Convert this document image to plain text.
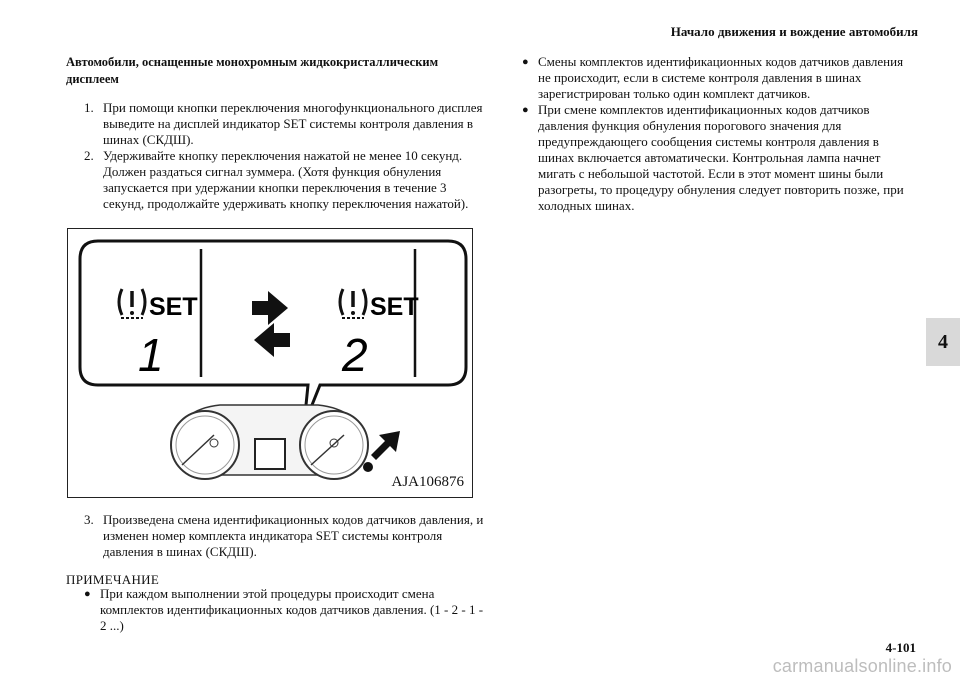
Начало движения и вождение автомобиля
Автомобили, оснащенные монохромным жидкокристаллическим дисплеем
1. При помощи кнопки переключения многофункционального дисплея выведите на дисплей индикатор SET системы контроля давления в шинах (СКДШ).
2. Удерживайте кнопку переключения нажатой не менее 10 секунд. Должен раздаться сигнал зуммера. (Хотя функция обнуления запускается при удержании кнопки переключения в течение 3 секунд, продолжайте удерживать кнопку переключения нажатой).
SET
1
SET
2
AJA106876
3. Произведена смена идентификационных кодов датчиков давления, и изменен номер комплекта индикатора SET системы контроля давления в шинах (СКДШ).
ПРИМЕЧАНИЕ
● При каждом выполнении этой процедуры происходит смена комплектов идентификационных кодов датчиков давления. (1 - 2 - 1 - 2 ...)
● Смены комплектов идентификационных кодов датчиков давления не происходит, если в системе контроля давления в шинах зарегистрирован только один комплект датчиков.
● При смене комплектов идентификационных кодов датчиков давления функция обнуления порогового значения для предупреждающего сообщения системы контроля давления в шинах включается автоматически. Контрольная лампа начнет мигать с небольшой частотой. Если в этот момент шины были разогреты, то процедуру обнуления следует повторить позже, при холодных шинах.
4
4-101
carmanualsonline.info
